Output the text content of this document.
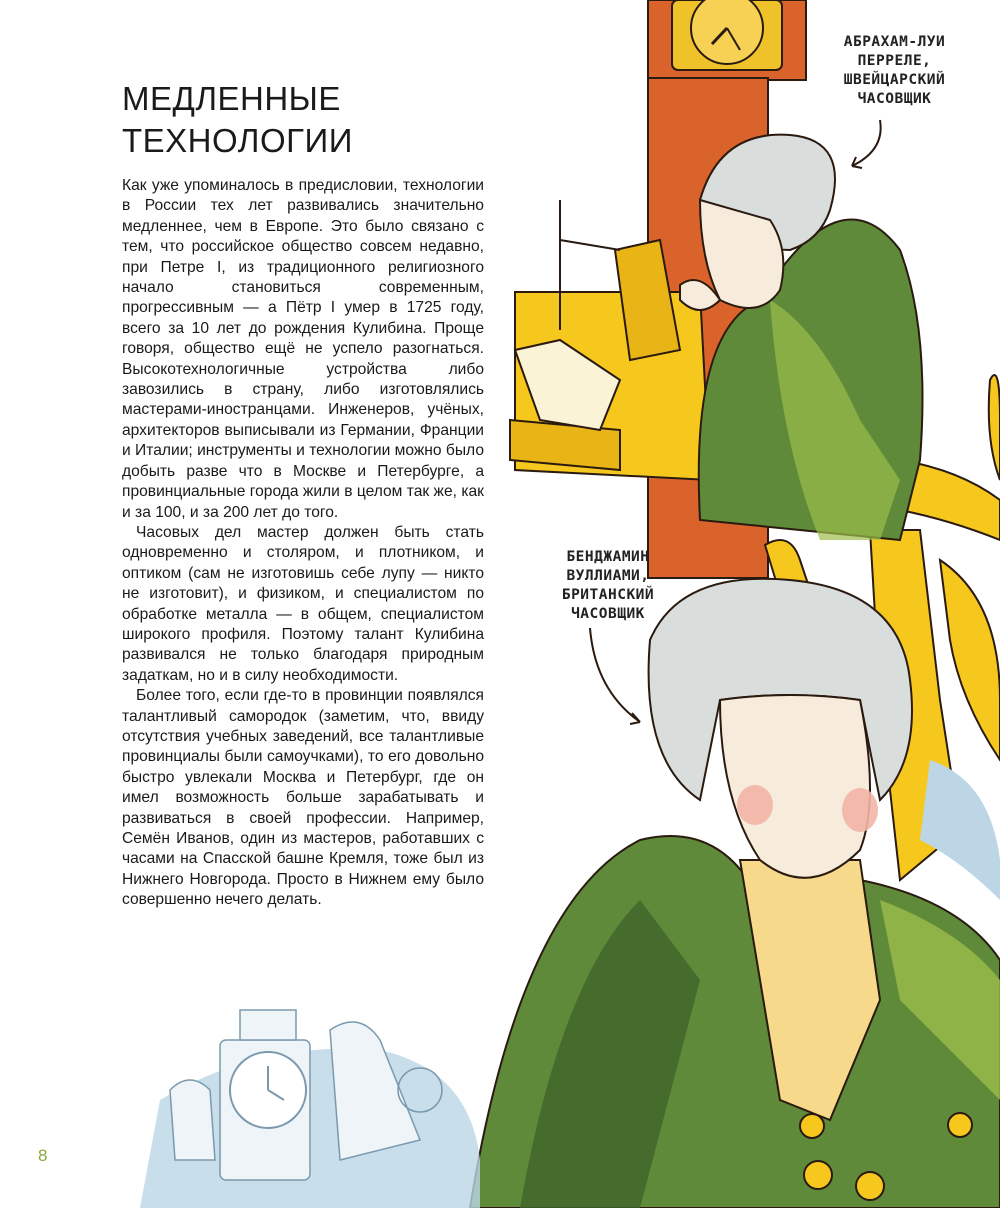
МЕДЛЕННЫЕ
ТЕХНОЛОГИИ

Как уже упоминалось в предисловии, технологии в России тех лет развивались значительно медленнее, чем в Европе. Это было связано с тем, что российское общество совсем недавно, при Петре I, из традиционного религиозного начало становиться современным, прогрессивным — а Пётр I умер в 1725 году, всего за 10 лет до рождения Кулибина. Проще говоря, общество ещё не успело разогнаться. Высокотехнологичные устройства либо завозились в страну, либо изготовлялись мастерами-иностранцами. Инженеров, учёных, архитекторов выписывали из Германии, Франции и Италии; инструменты и технологии можно было добыть разве что в Москве и Петербурге, а провинциальные города жили в целом так же, как и за 100, и за 200 лет до того.

Часовых дел мастер должен быть стать одновременно и столяром, и плотником, и оптиком (сам не изготовишь себе лупу — никто не изготовит), и физиком, и специалистом по обработке металла — в общем, специалистом широкого профиля. Поэтому талант Кулибина развивался не только благодаря природным задаткам, но и в силу необходимости.

Более того, если где-то в провинции появлялся талантливый самородок (заметим, что, ввиду отсутствия учебных заведений, все талантливые провинциалы были самоучками), то его довольно быстро увлекали Москва и Петербург, где он имел возможность больше зарабатывать и развиваться в своей профессии. Например, Семён Иванов, один из мастеров, работавших с часами на Спасской башне Кремля, тоже был из Нижнего Новгорода. Просто в Нижнем ему было совершенно нечего делать.

АБРАХАМ-ЛУИ
ПЕРРЕЛЕ,
ШВЕЙЦАРСКИЙ
ЧАСОВЩИК
БЕНДЖАМИН
ВУЛЛИАМИ,
БРИТАНСКИЙ
ЧАСОВЩИК
8
